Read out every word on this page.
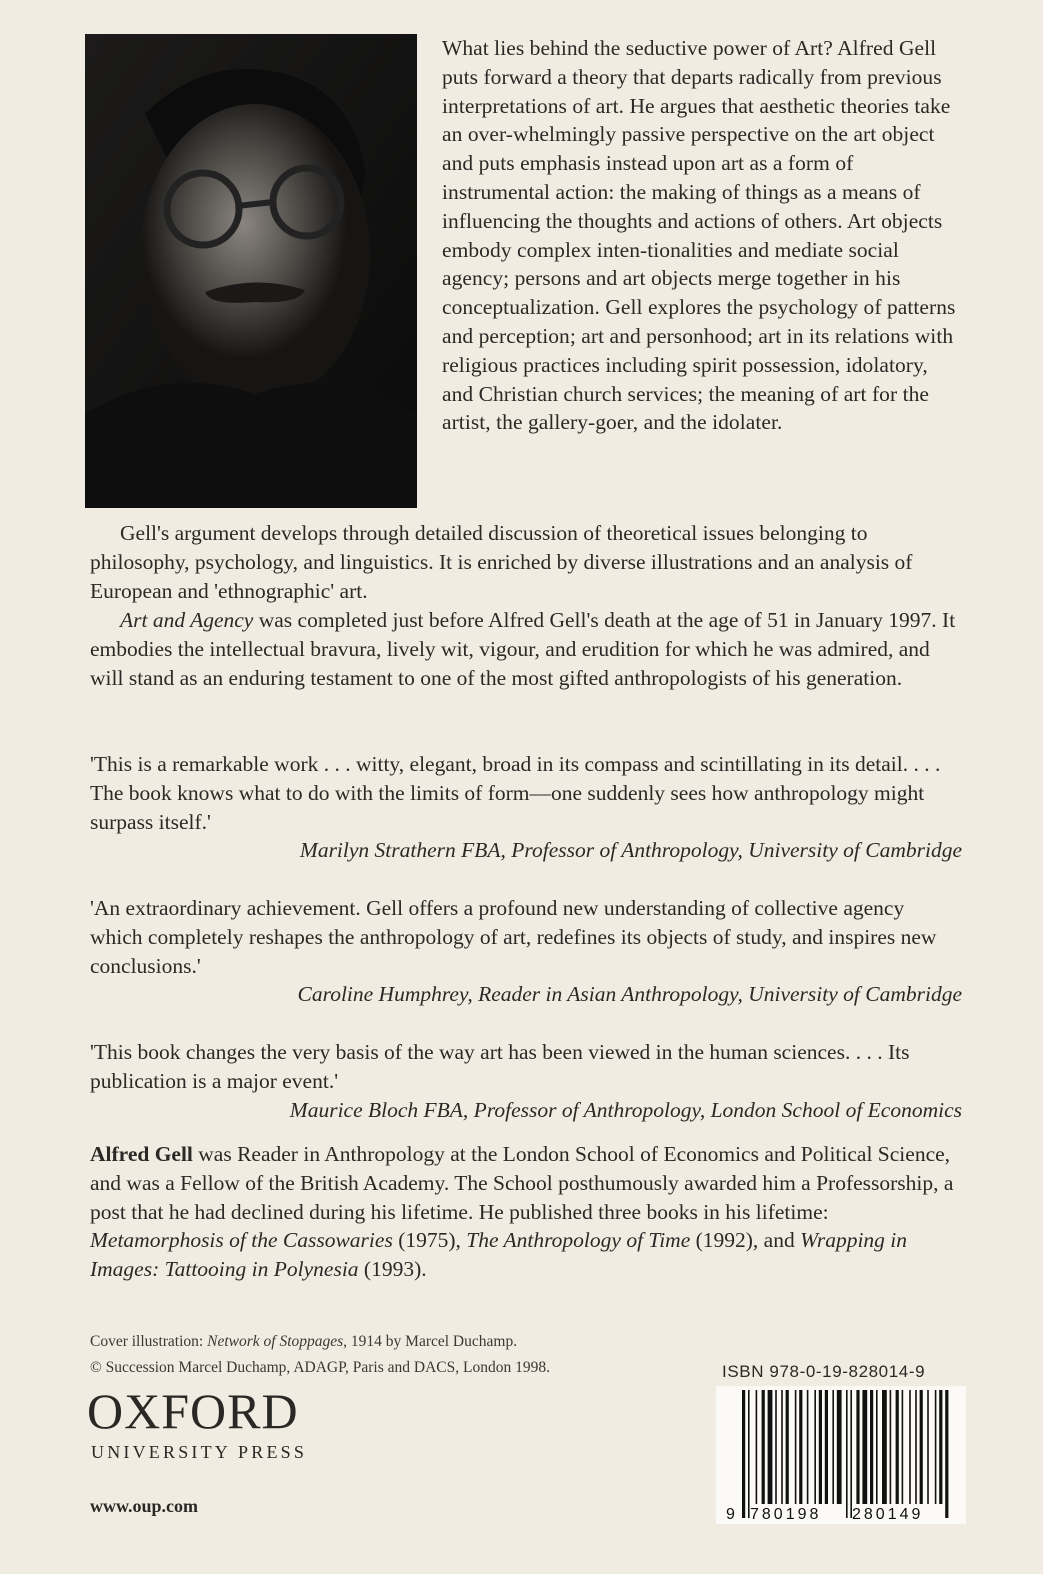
What lies behind the seductive power of Art? Alfred Gell puts forward a theory that departs radically from previous interpretations of art. He argues that aesthetic theories take an over-whelmingly passive perspective on the art object and puts emphasis instead upon art as a form of instrumental action: the making of things as a means of influencing the thoughts and actions of others. Art objects embody complex inten-tionalities and mediate social agency; persons and art objects merge together in his conceptualization. Gell explores the psychology of patterns and perception; art and personhood; art in its relations with religious practices including spirit possession, idolatory, and Christian church services; the meaning of art for the artist, the gallery-goer, and the idolater.

Gell's argument develops through detailed discussion of theoretical issues belonging to philosophy, psychology, and linguistics. It is enriched by diverse illustrations and an analysis of European and 'ethnographic' art.

Art and Agency was completed just before Alfred Gell's death at the age of 51 in January 1997. It embodies the intellectual bravura, lively wit, vigour, and erudition for which he was admired, and will stand as an enduring testament to one of the most gifted anthropologists of his generation.

'This is a remarkable work . . . witty, elegant, broad in its compass and scintillating in its detail. . . . The book knows what to do with the limits of form—one suddenly sees how anthropology might surpass itself.'

Marilyn Strathern FBA, Professor of Anthropology, University of Cambridge

'An extraordinary achievement. Gell offers a profound new understanding of collective agency which completely reshapes the anthropology of art, redefines its objects of study, and inspires new conclusions.'

Caroline Humphrey, Reader in Asian Anthropology, University of Cambridge

'This book changes the very basis of the way art has been viewed in the human sciences. . . . Its publication is a major event.'

Maurice Bloch FBA, Professor of Anthropology, London School of Economics

Alfred Gell was Reader in Anthropology at the London School of Economics and Political Science, and was a Fellow of the British Academy. The School posthumously awarded him a Professorship, a post that he had declined during his lifetime. He published three books in his lifetime: Metamorphosis of the Cassowaries (1975), The Anthropology of Time (1992), and Wrapping in Images: Tattooing in Polynesia (1993).

Cover illustration: Network of Stoppages, 1914 by Marcel Duchamp.
© Succession Marcel Duchamp, ADAGP, Paris and DACS, London 1998.
OXFORD
UNIVERSITY PRESS
www.oup.com
ISBN 978-0-19-828014-9
9 780198 280149
